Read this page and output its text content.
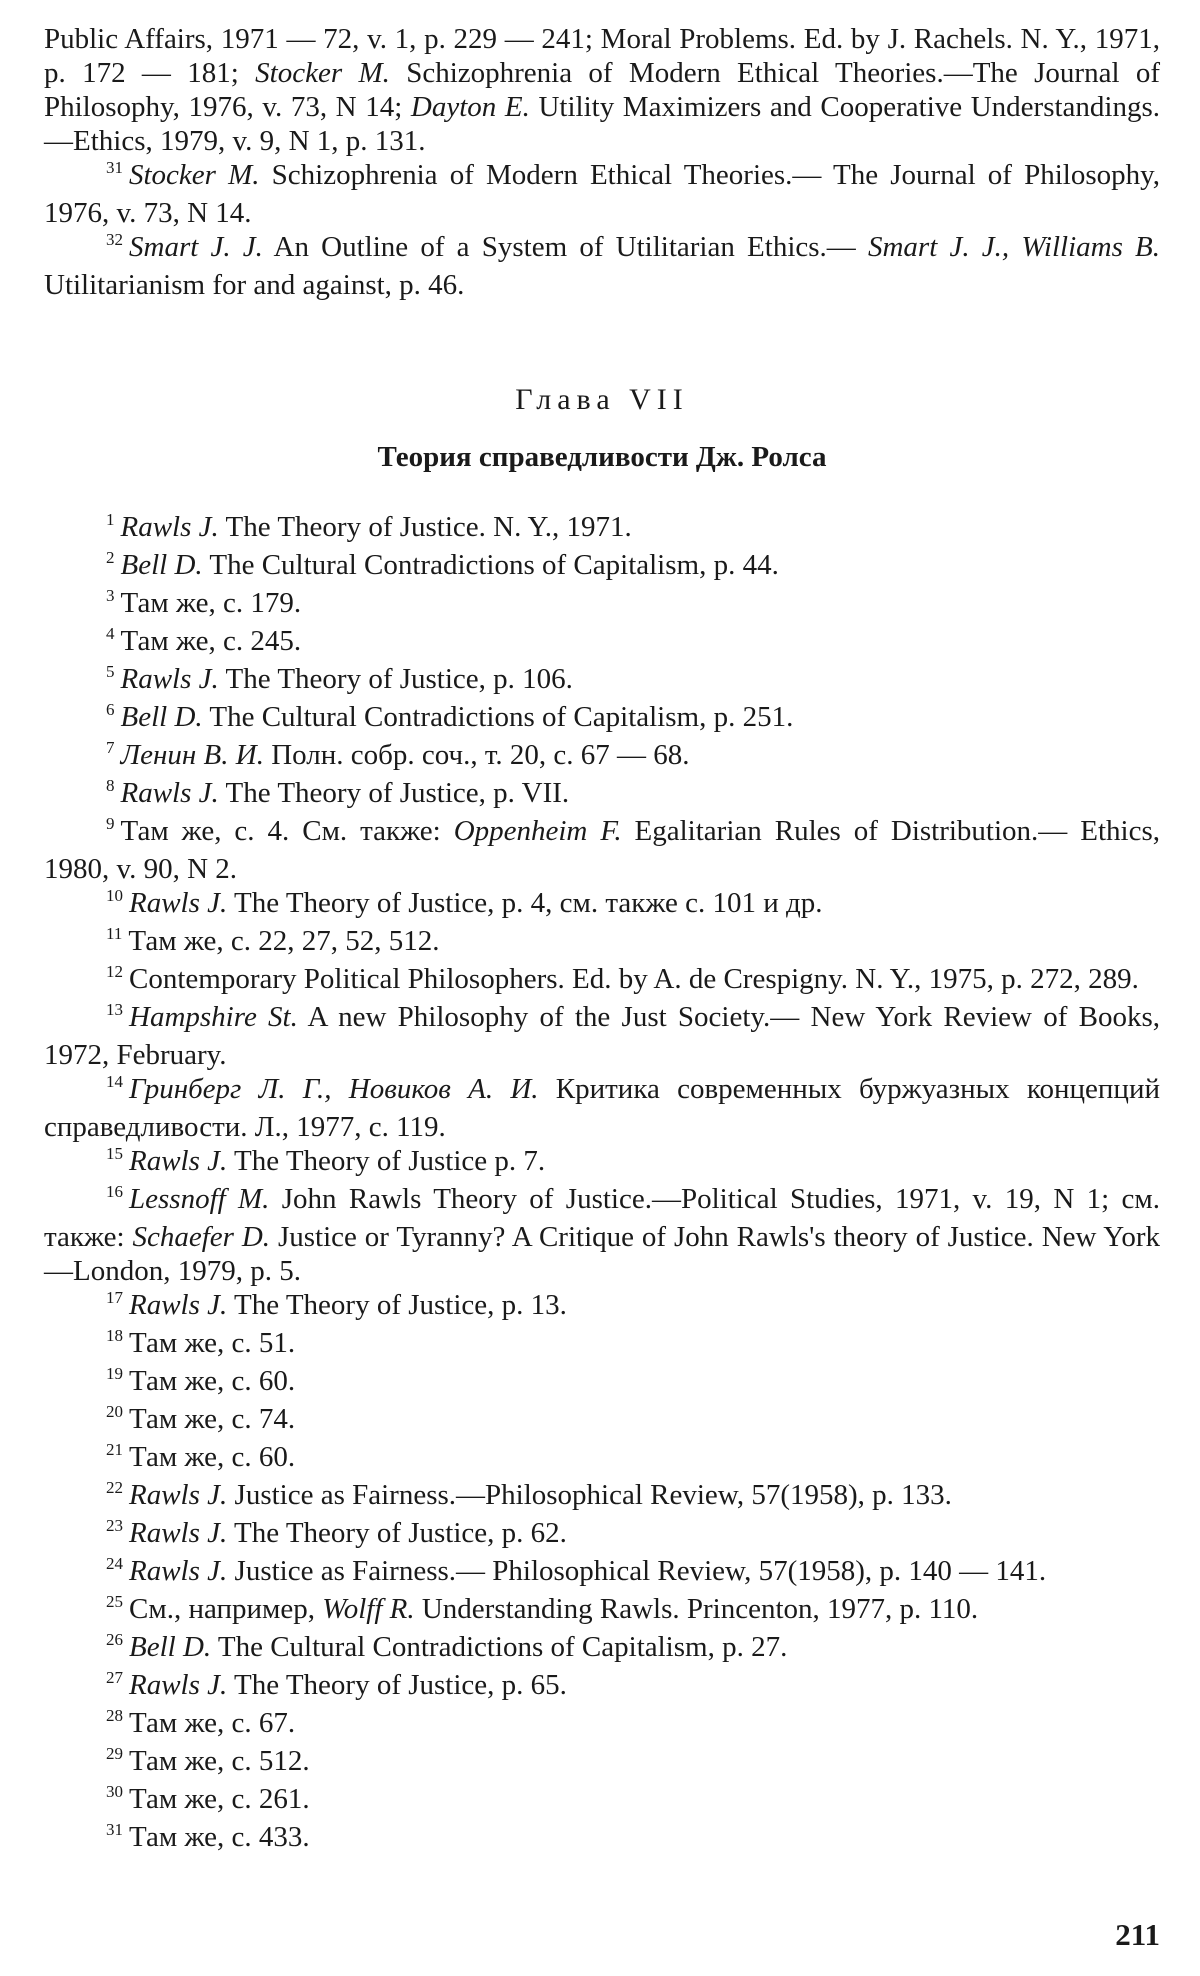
Public Affairs, 1971 — 72, v. 1, p. 229 — 241; Moral Problems. Ed. by J. Rachels. N. Y., 1971, p. 172 — 181; Stocker M. Schizophrenia of Modern Ethical Theories.—The Journal of Philosophy, 1976, v. 73, N 14; Dayton E. Utility Maximizers and Cooperative Understandings.—Ethics, 1979, v. 9, N 1, p. 131.

$^{31}$ Stocker M. Schizophrenia of Modern Ethical Theories.— The Journal of Philosophy, 1976, v. 73, N 14.

$^{32}$ Smart J. J. An Outline of a System of Utilitarian Ethics.— Smart J. J., Williams B. Utilitarianism for and against, p. 46.

Глава VII
Теория справедливости Дж. Ролса

$^1$ Rawls J. The Theory of Justice. N. Y., 1971.

$^2$ Bell D. The Cultural Contradictions of Capitalism, p. 44.

$^3$ Там же, с. 179.

$^4$ Там же, с. 245.

$^5$ Rawls J. The Theory of Justice, p. 106.

$^6$ Bell D. The Cultural Contradictions of Capitalism, p. 251.

$^7$ Ленин В. И. Полн. собр. соч., т. 20, с. 67 — 68.

$^8$ Rawls J. The Theory of Justice, p. VII.

$^9$ Там же, с. 4. См. также: Oppenheim F. Egalitarian Rules of Distribution.— Ethics, 1980, v. 90, N 2.

$^{10}$ Rawls J. The Theory of Justice, p. 4, см. также с. 101 и др.

$^{11}$ Там же, с. 22, 27, 52, 512.

$^{12}$ Contemporary Political Philosophers. Ed. by A. de Crespigny. N. Y., 1975, p. 272, 289.

$^{13}$ Hampshire St. A new Philosophy of the Just Society.— New York Review of Books, 1972, February.

$^{14}$ Гринберг Л. Г., Новиков А. И. Критика современных буржуазных концепций справедливости. Л., 1977, с. 119.

$^{15}$ Rawls J. The Theory of Justice p. 7.

$^{16}$ Lessnoff M. John Rawls Theory of Justice.—Political Studies, 1971, v. 19, N 1; см. также: Schaefer D. Justice or Tyranny? A Critique of John Rawls's theory of Justice. New York—London, 1979, p. 5.

$^{17}$ Rawls J. The Theory of Justice, p. 13.

$^{18}$ Там же, с. 51.

$^{19}$ Там же, с. 60.

$^{20}$ Там же, с. 74.

$^{21}$ Там же, с. 60.

$^{22}$ Rawls J. Justice as Fairness.—Philosophical Review, 57(1958), p. 133.

$^{23}$ Rawls J. The Theory of Justice, p. 62.

$^{24}$ Rawls J. Justice as Fairness.— Philosophical Review, 57(1958), p. 140 — 141.

$^{25}$ См., например, Wolff R. Understanding Rawls. Princenton, 1977, p. 110.

$^{26}$ Bell D. The Cultural Contradictions of Capitalism, p. 27.

$^{27}$ Rawls J. The Theory of Justice, p. 65.

$^{28}$ Там же, с. 67.

$^{29}$ Там же, с. 512.

$^{30}$ Там же, с. 261.

$^{31}$ Там же, с. 433.

211
